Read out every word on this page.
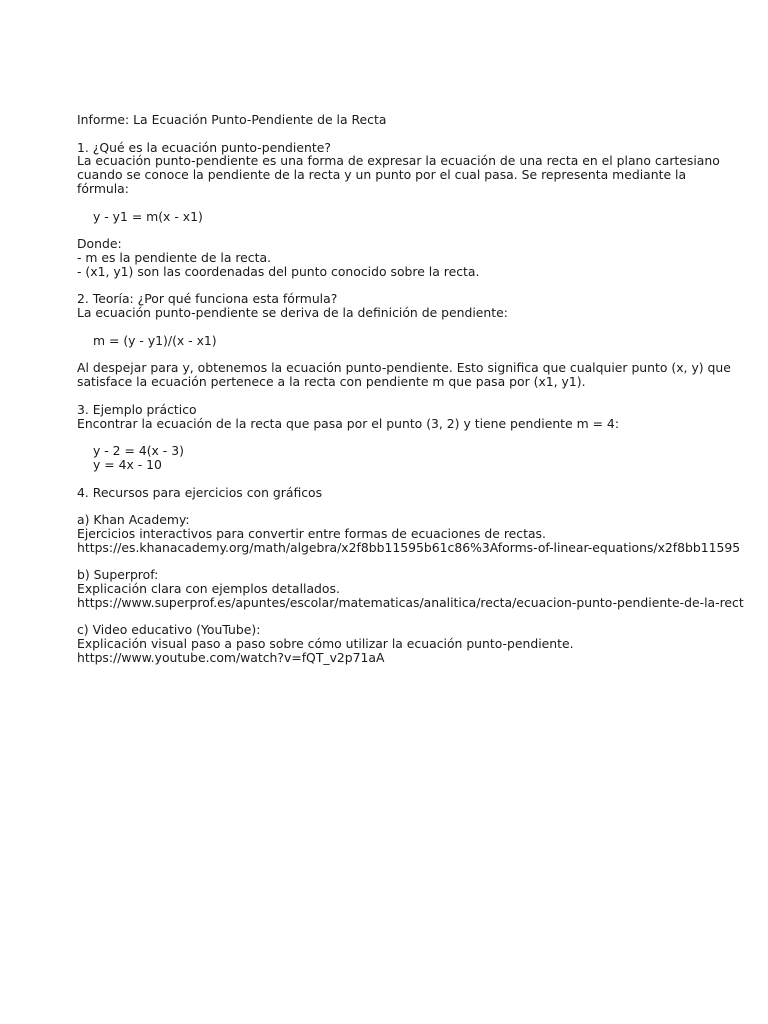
Informe: La Ecuación Punto-Pendiente de la Recta
1. ¿Qué es la ecuación punto-pendiente?
La ecuación punto-pendiente es una forma de expresar la ecuación de una recta en el plano cartesiano
cuando se conoce la pendiente de la recta y un punto por el cual pasa. Se representa mediante la
fórmula:
y - y1 = m(x - x1)
Donde:
- m es la pendiente de la recta.
- (x1, y1) son las coordenadas del punto conocido sobre la recta.
2. Teoría: ¿Por qué funciona esta fórmula?
La ecuación punto-pendiente se deriva de la definición de pendiente:
m = (y - y1)/(x - x1)
Al despejar para y, obtenemos la ecuación punto-pendiente. Esto significa que cualquier punto (x, y) que
satisface la ecuación pertenece a la recta con pendiente m que pasa por (x1, y1).
3. Ejemplo práctico
Encontrar la ecuación de la recta que pasa por el punto (3, 2) y tiene pendiente m = 4:
y - 2 = 4(x - 3)
y = 4x - 10
4. Recursos para ejercicios con gráficos
a) Khan Academy:
Ejercicios interactivos para convertir entre formas de ecuaciones de rectas.
https://es.khanacademy.org/math/algebra/x2f8bb11595b61c86%3Aforms-of-linear-equations/x2f8bb11595
b) Superprof:
Explicación clara con ejemplos detallados.
https://www.superprof.es/apuntes/escolar/matematicas/analitica/recta/ecuacion-punto-pendiente-de-la-rect
c) Video educativo (YouTube):
Explicación visual paso a paso sobre cómo utilizar la ecuación punto-pendiente.
https://www.youtube.com/watch?v=fQT_v2p71aA
